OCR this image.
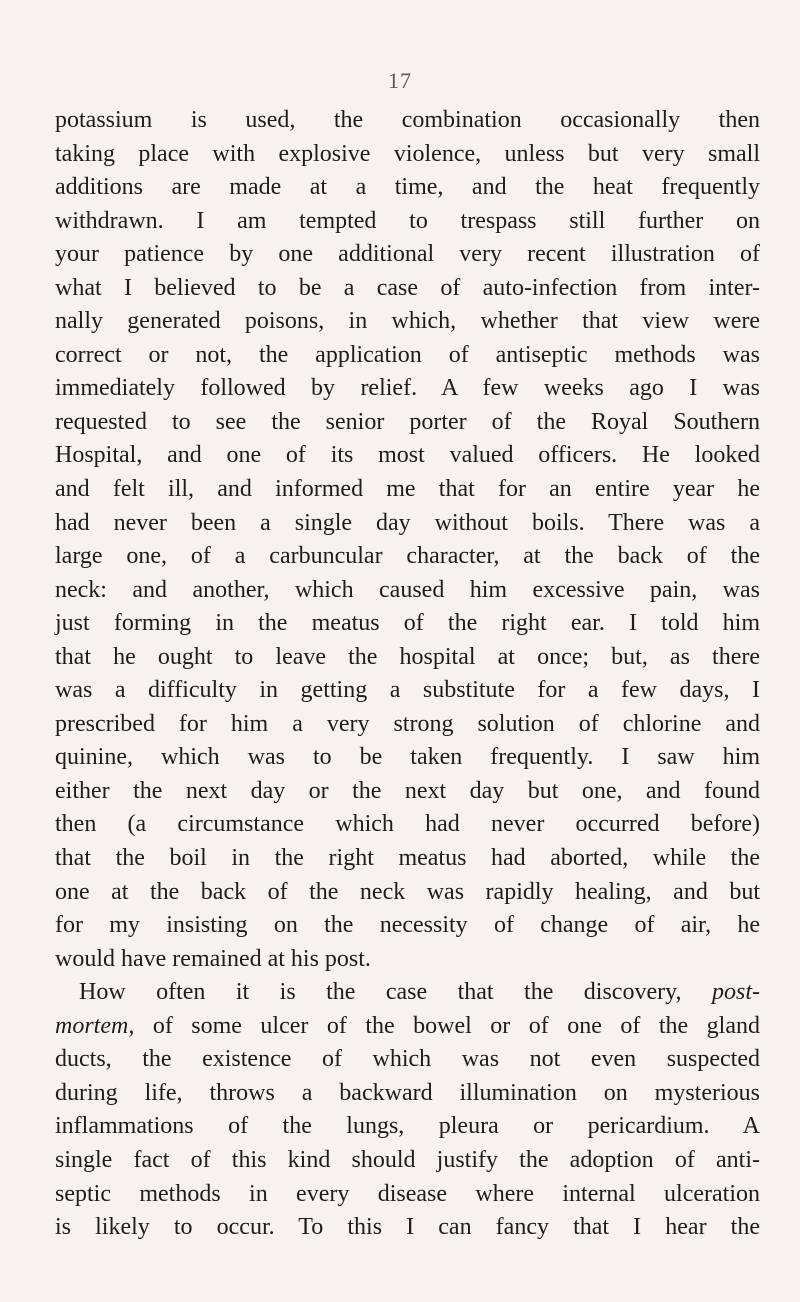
17
potassium is used, the combination occasionally then
taking place with explosive violence, unless but very small
additions are made at a time, and the heat frequently
withdrawn. I am tempted to trespass still further on
your patience by one additional very recent illustration of
what I believed to be a case of auto-infection from inter-
nally generated poisons, in which, whether that view were
correct or not, the application of antiseptic methods was
immediately followed by relief. A few weeks ago I was
requested to see the senior porter of the Royal Southern
Hospital, and one of its most valued officers. He looked
and felt ill, and informed me that for an entire year he
had never been a single day without boils. There was a
large one, of a carbuncular character, at the back of the
neck: and another, which caused him excessive pain, was
just forming in the meatus of the right ear. I told him
that he ought to leave the hospital at once; but, as there
was a difficulty in getting a substitute for a few days, I
prescribed for him a very strong solution of chlorine and
quinine, which was to be taken frequently. I saw him
either the next day or the next day but one, and found
then (a circumstance which had never occurred before)
that the boil in the right meatus had aborted, while the
one at the back of the neck was rapidly healing, and but
for my insisting on the necessity of change of air, he
would have remained at his post.
How often it is the case that the discovery, post-
mortem, of some ulcer of the bowel or of one of the gland
ducts, the existence of which was not even suspected
during life, throws a backward illumination on mysterious
inflammations of the lungs, pleura or pericardium. A
single fact of this kind should justify the adoption of anti-
septic methods in every disease where internal ulceration
is likely to occur. To this I can fancy that I hear the
